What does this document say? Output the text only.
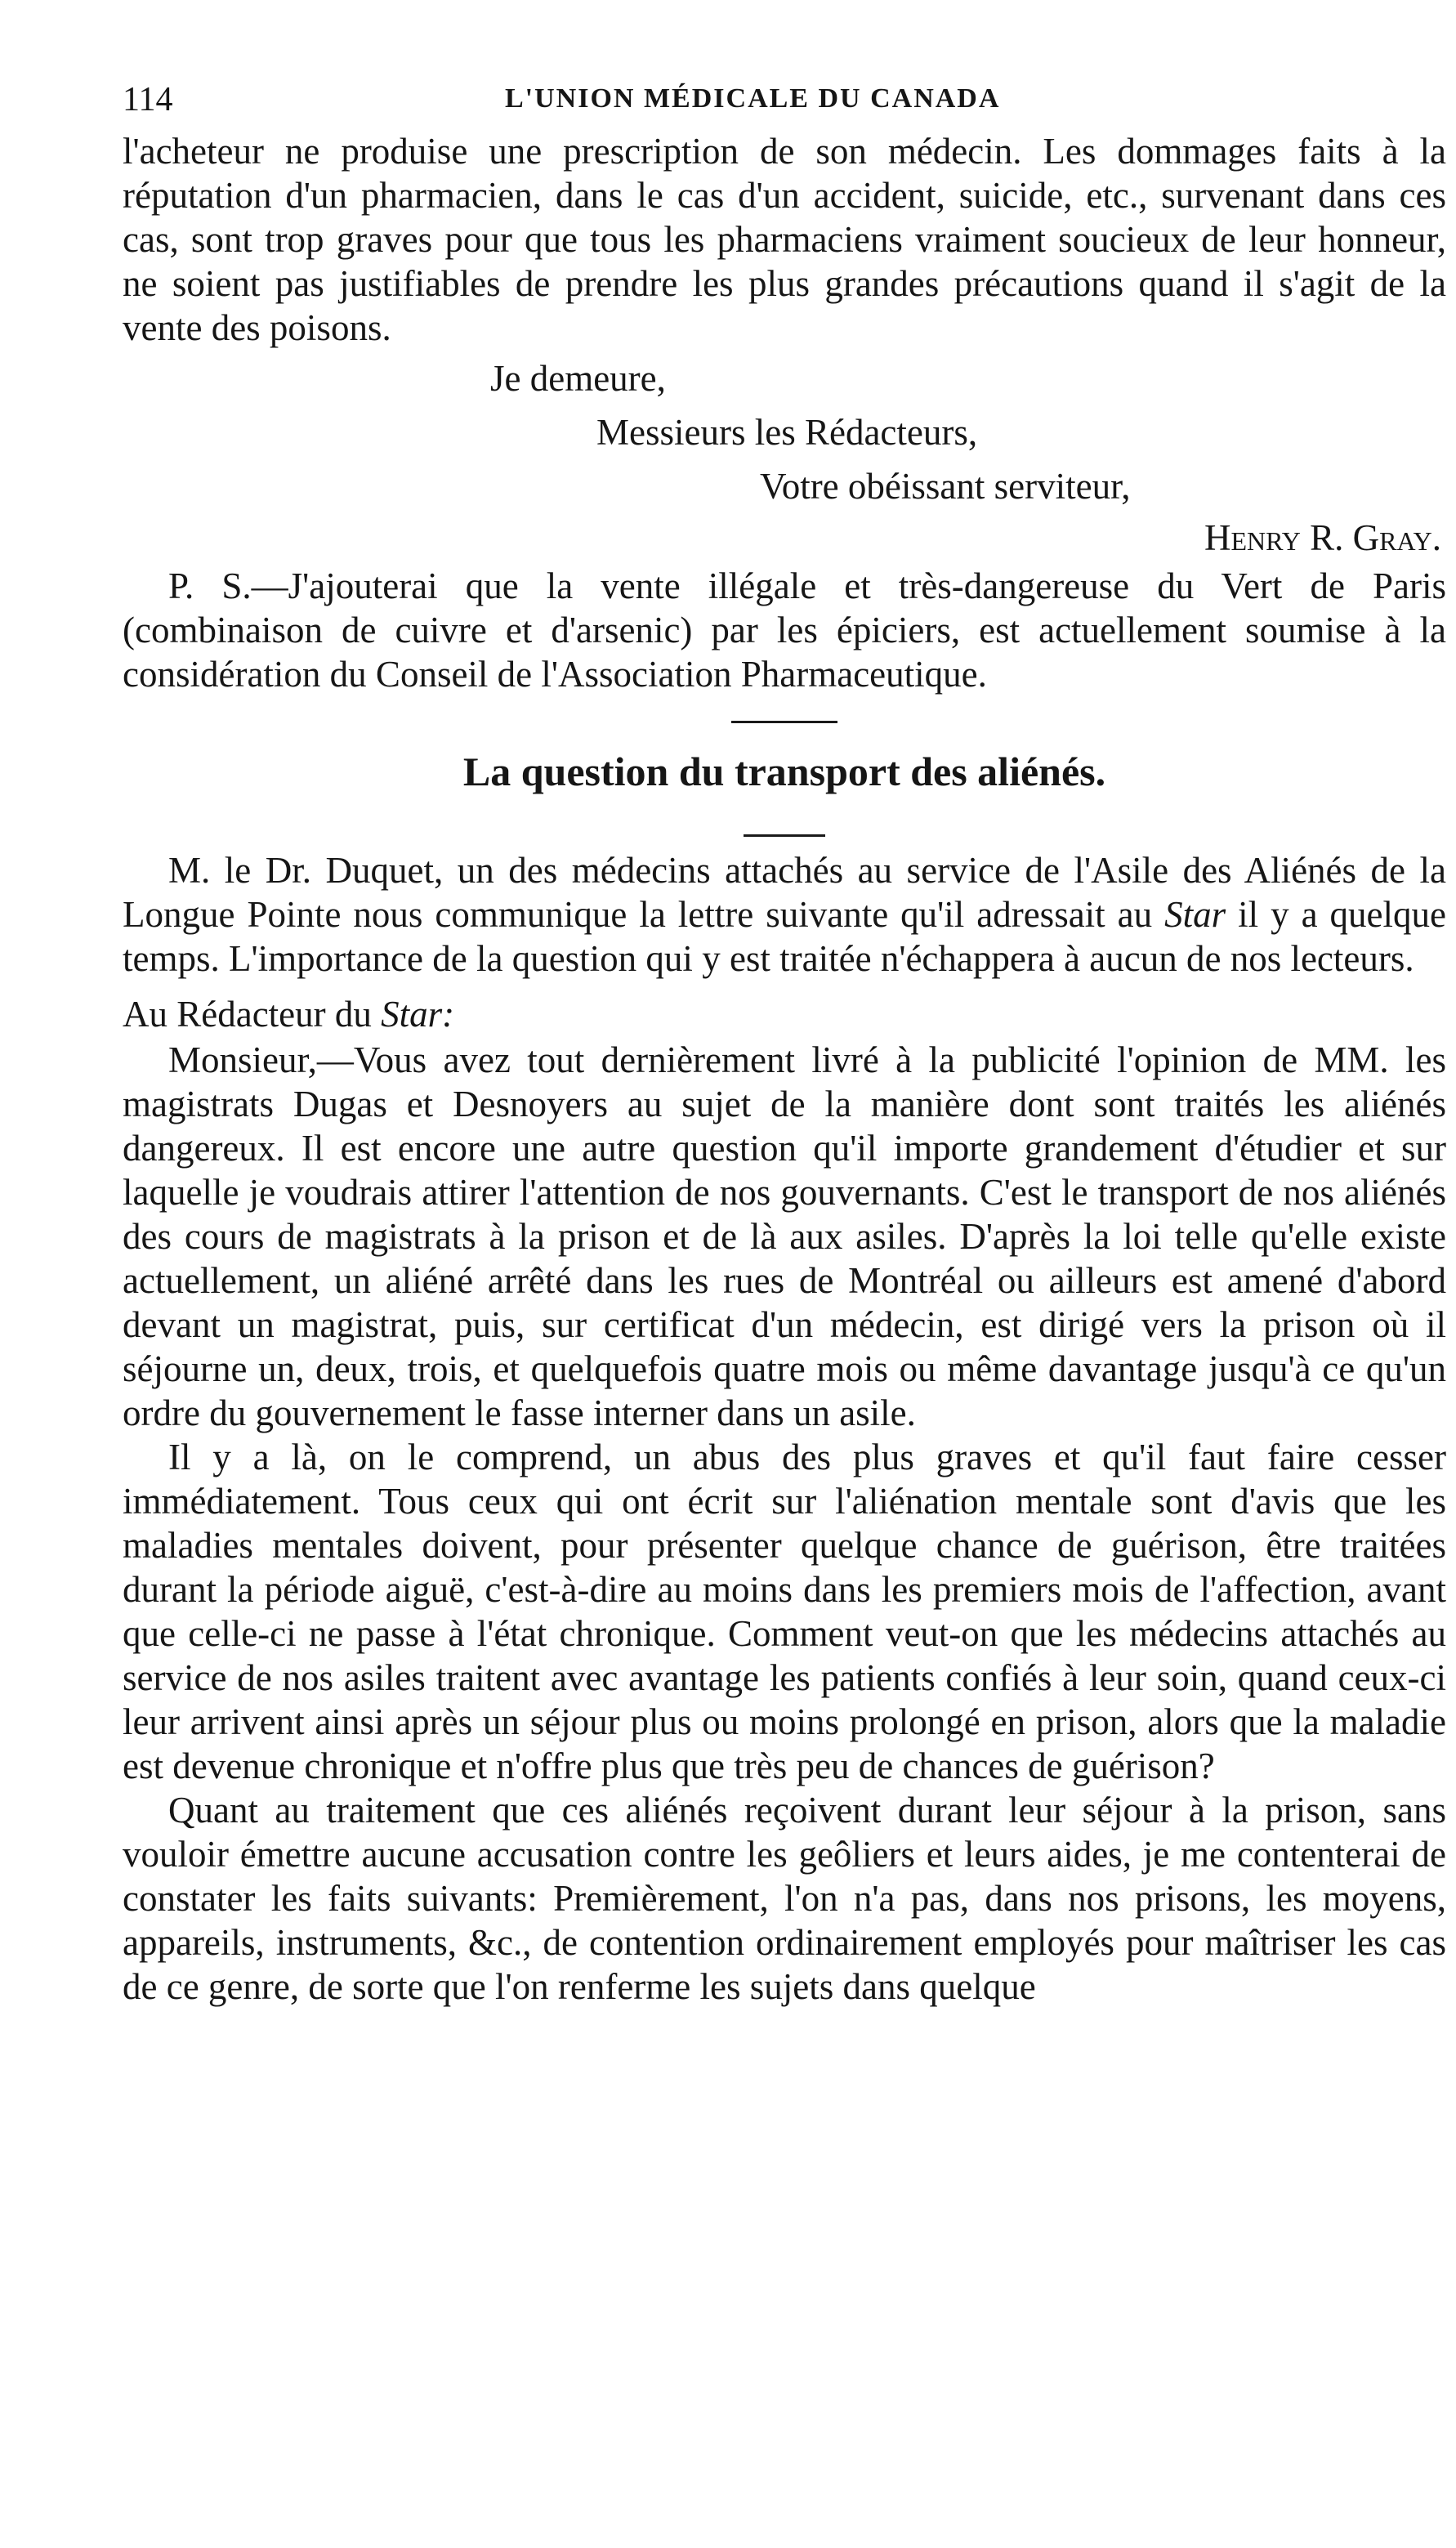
114	L'UNION MÉDICALE DU CANADA

l'acheteur ne produise une prescription de son médecin. Les dommages faits à la réputation d'un pharmacien, dans le cas d'un accident, suicide, etc., survenant dans ces cas, sont trop graves pour que tous les pharmaciens vraiment soucieux de leur honneur, ne soient pas justifiables de prendre les plus grandes précautions quand il s'agit de la vente des poisons.

Je demeure,

Messieurs les Rédacteurs,

Votre obéissant serviteur,

Henry R. Gray.

P. S.—J'ajouterai que la vente illégale et très-dangereuse du Vert de Paris (combinaison de cuivre et d'arsenic) par les épiciers, est actuellement soumise à la considération du Conseil de l'Association Pharmaceutique.

La question du transport des aliénés.

M. le Dr. Duquet, un des médecins attachés au service de l'Asile des Aliénés de la Longue Pointe nous communique la lettre suivante qu'il adressait au Star il y a quelque temps. L'importance de la question qui y est traitée n'échappera à aucun de nos lecteurs.

Au Rédacteur du Star:

Monsieur,—Vous avez tout dernièrement livré à la publicité l'opinion de MM. les magistrats Dugas et Desnoyers au sujet de la manière dont sont traités les aliénés dangereux. Il est encore une autre question qu'il importe grandement d'étudier et sur laquelle je voudrais attirer l'attention de nos gouvernants. C'est le transport de nos aliénés des cours de magistrats à la prison et de là aux asiles. D'après la loi telle qu'elle existe actuellement, un aliéné arrêté dans les rues de Montréal ou ailleurs est amené d'abord devant un magistrat, puis, sur certificat d'un médecin, est dirigé vers la prison où il séjourne un, deux, trois, et quelquefois quatre mois ou même davantage jusqu'à ce qu'un ordre du gouvernement le fasse interner dans un asile.

Il y a là, on le comprend, un abus des plus graves et qu'il faut faire cesser immédiatement. Tous ceux qui ont écrit sur l'aliénation mentale sont d'avis que les maladies mentales doivent, pour présenter quelque chance de guérison, être traitées durant la période aiguë, c'est-à-dire au moins dans les premiers mois de l'affection, avant que celle-ci ne passe à l'état chronique. Comment veut-on que les médecins attachés au service de nos asiles traitent avec avantage les patients confiés à leur soin, quand ceux-ci leur arrivent ainsi après un séjour plus ou moins prolongé en prison, alors que la maladie est devenue chronique et n'offre plus que très peu de chances de guérison?

Quant au traitement que ces aliénés reçoivent durant leur séjour à la prison, sans vouloir émettre aucune accusation contre les geôliers et leurs aides, je me contenterai de constater les faits suivants: Premièrement, l'on n'a pas, dans nos prisons, les moyens, appareils, instruments, &c., de contention ordinairement employés pour maîtriser les cas de ce genre, de sorte que l'on renferme les sujets dans quelque
